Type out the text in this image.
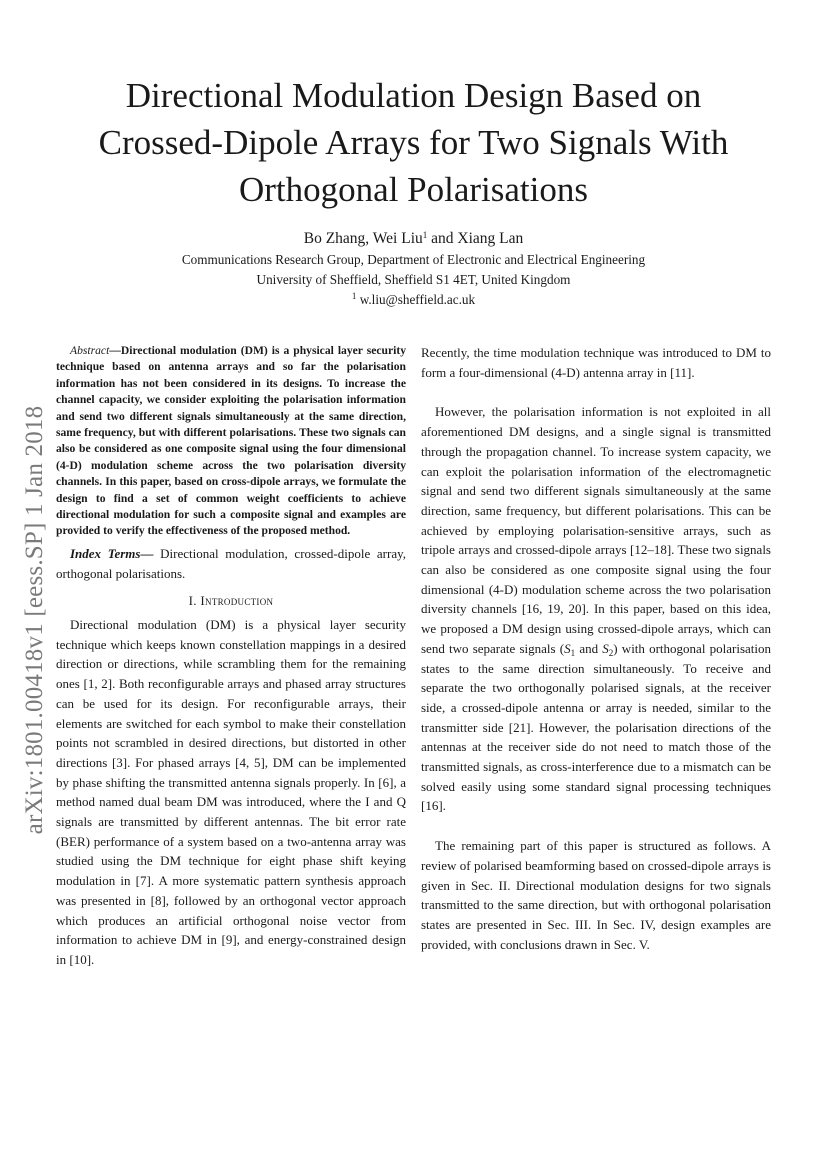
arXiv:1801.00418v1 [eess.SP] 1 Jan 2018
Directional Modulation Design Based on
Crossed-Dipole Arrays for Two Signals With
Orthogonal Polarisations
Bo Zhang, Wei Liu$^1$ and Xiang Lan
Communications Research Group, Department of Electronic and Electrical Engineering
University of Sheffield, Sheffield S1 4ET, United Kingdom
$^1$ w.liu@sheffield.ac.uk

Abstract—Directional modulation (DM) is a physical layer security technique based on antenna arrays and so far the polarisation information has not been considered in its designs. To increase the channel capacity, we consider exploiting the polarisation information and send two different signals simultaneously at the same direction, same frequency, but with different polarisations. These two signals can also be considered as one composite signal using the four dimensional (4-D) modulation scheme across the two polarisation diversity channels. In this paper, based on cross-dipole arrays, we formulate the design to find a set of common weight coefficients to achieve directional modulation for such a composite signal and examples are provided to verify the effectiveness of the proposed method.

Index Terms— Directional modulation, crossed-dipole array, orthogonal polarisations.

I. Introduction

Directional modulation (DM) is a physical layer security technique which keeps known constellation mappings in a desired direction or directions, while scrambling them for the remaining ones [1, 2]. Both reconfigurable arrays and phased array structures can be used for its design. For reconfigurable arrays, their elements are switched for each symbol to make their constellation points not scrambled in desired directions, but distorted in other directions [3]. For phased arrays [4, 5], DM can be implemented by phase shifting the transmitted antenna signals properly. In [6], a method named dual beam DM was introduced, where the I and Q signals are transmitted by different antennas. The bit error rate (BER) performance of a system based on a two-antenna array was studied using the DM technique for eight phase shift keying modulation in [7]. A more systematic pattern synthesis approach was presented in [8], followed by an orthogonal vector approach which produces an artificial orthogonal noise vector from information to achieve DM in [9], and energy-constrained design in [10].

Recently, the time modulation technique was introduced to DM to form a four-dimensional (4-D) antenna array in [11].

However, the polarisation information is not exploited in all aforementioned DM designs, and a single signal is transmitted through the propagation channel. To increase system capacity, we can exploit the polarisation information of the electromagnetic signal and send two different signals simultaneously at the same direction, same frequency, but different polarisations. This can be achieved by employing polarisation-sensitive arrays, such as tripole arrays and crossed-dipole arrays [12–18]. These two signals can also be considered as one composite signal using the four dimensional (4-D) modulation scheme across the two polarisation diversity channels [16, 19, 20]. In this paper, based on this idea, we proposed a DM design using crossed-dipole arrays, which can send two separate signals ($S_1$ and $S_2$) with orthogonal polarisation states to the same direction simultaneously. To receive and separate the two orthogonally polarised signals, at the receiver side, a crossed-dipole antenna or array is needed, similar to the transmitter side [21]. However, the polarisation directions of the antennas at the receiver side do not need to match those of the transmitted signals, as cross-interference due to a mismatch can be solved easily using some standard signal processing techniques [16].

The remaining part of this paper is structured as follows. A review of polarised beamforming based on crossed-dipole arrays is given in Sec. II. Directional modulation designs for two signals transmitted to the same direction, but with orthogonal polarisation states are presented in Sec. III. In Sec. IV, design examples are provided, with conclusions drawn in Sec. V.
